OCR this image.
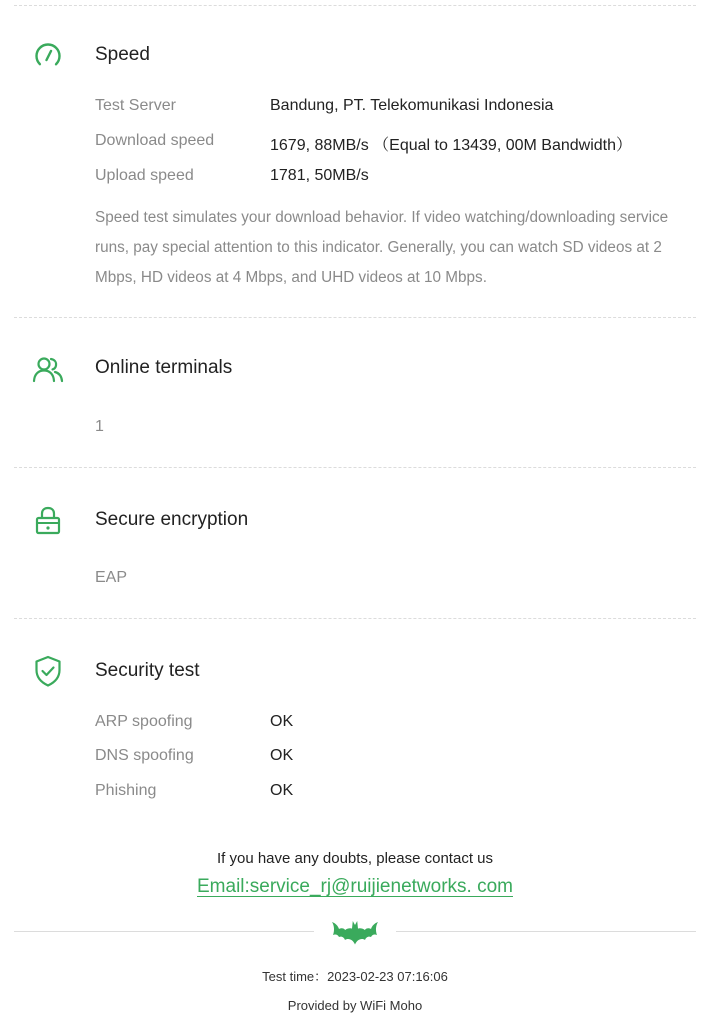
Speed
Test Server	Bandung, PT. Telekomunikasi Indonesia
Download speed	1679, 88MB/s （Equal to 13439, 00M Bandwidth）
Upload speed	1781, 50MB/s
Speed test simulates your download behavior. If video watching/downloading service runs, pay special attention to this indicator. Generally, you can watch SD videos at 2 Mbps, HD videos at 4 Mbps, and UHD videos at 10 Mbps.
Online terminals
1
Secure encryption
EAP
Security test
ARP spoofing	OK
DNS spoofing	OK
Phishing	OK
If you have any doubts, please contact us
Email:service_rj@ruijienetworks. com
Test time：2023-02-23 07:16:06
Provided by WiFi Moho
